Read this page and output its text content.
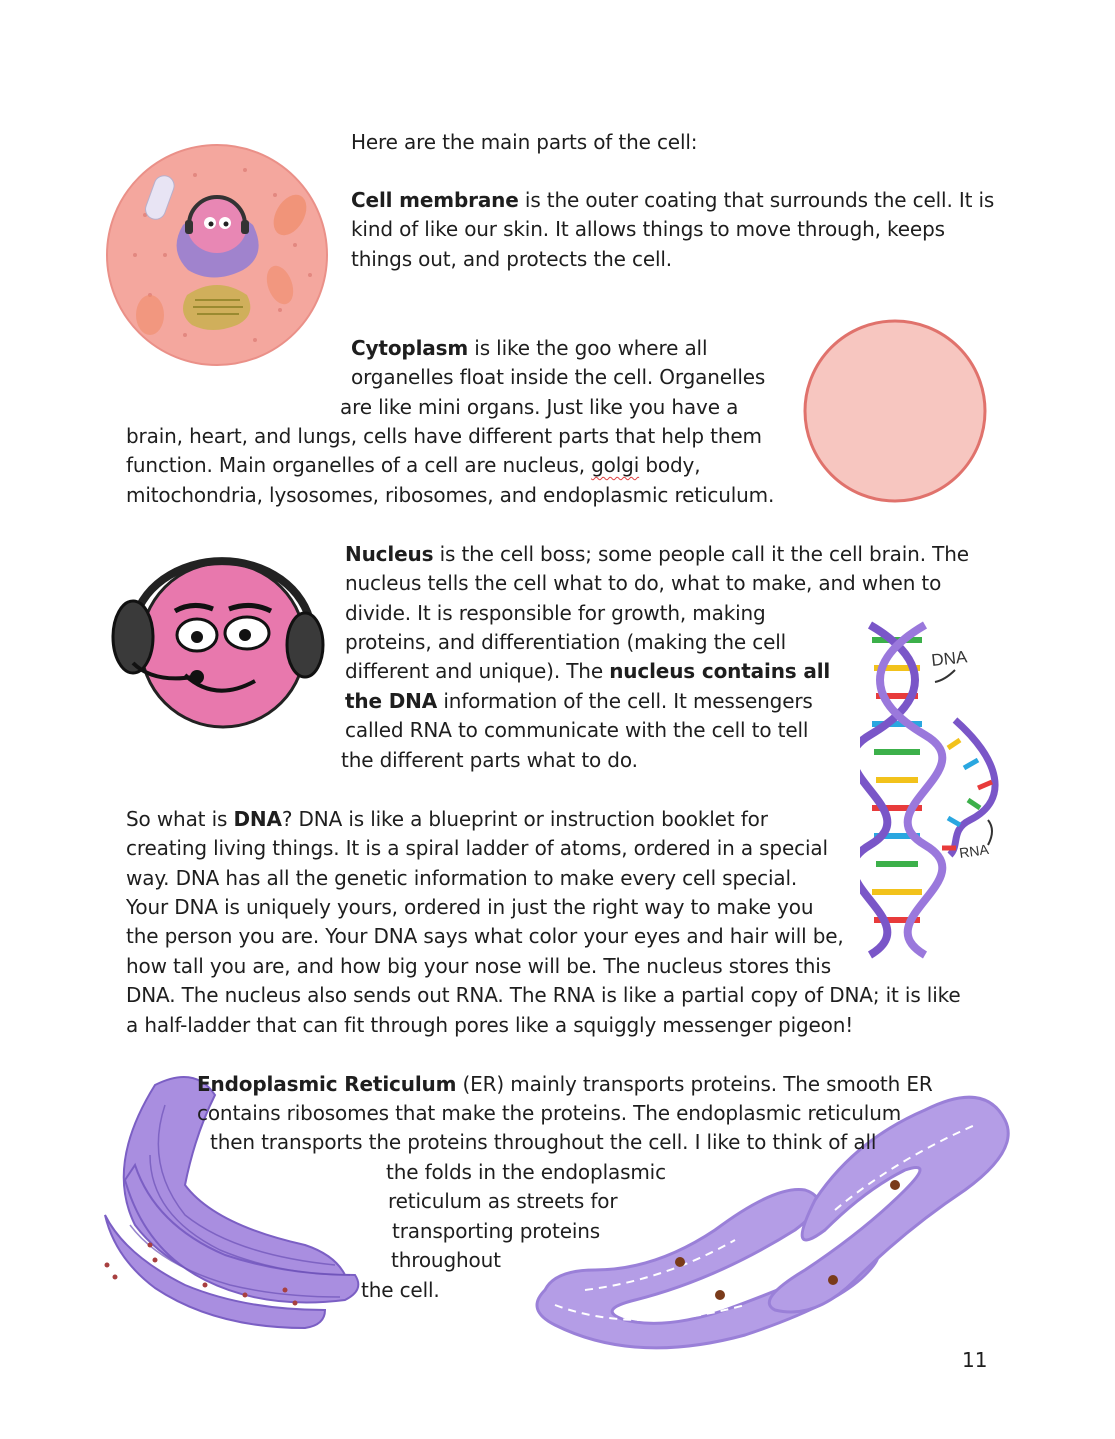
DNA
RNA
Here are the main parts of the cell:
Cell membrane is the outer coating that surrounds the cell. It is
kind of like our skin. It allows things to move through, keeps
things out, and protects the cell.
Cytoplasm is like the goo where all
organelles float inside the cell. Organelles
are like mini organs. Just like you have a
brain, heart, and lungs, cells have different parts that help them
function. Main organelles of a cell are nucleus, golgi body,
mitochondria, lysosomes, ribosomes, and endoplasmic reticulum.
Nucleus is the cell boss; some people call it the cell brain. The
nucleus tells the cell what to do, what to make, and when to
divide. It is responsible for growth, making
proteins, and differentiation (making the cell
different and unique). The nucleus contains all
the DNA information of the cell. It messengers
called RNA to communicate with the cell to tell
the different parts what to do.
So what is DNA? DNA is like a blueprint or instruction booklet for
creating living things. It is a spiral ladder of atoms, ordered in a special
way. DNA has all the genetic information to make every cell special.
Your DNA is uniquely yours, ordered in just the right way to make you
the person you are. Your DNA says what color your eyes and hair will be,
how tall you are, and how big your nose will be. The nucleus stores this
DNA. The nucleus also sends out RNA. The RNA is like a partial copy of DNA; it is like
a half-ladder that can fit through pores like a squiggly messenger pigeon!
Endoplasmic Reticulum (ER) mainly transports proteins. The smooth ER
contains ribosomes that make the proteins. The endoplasmic reticulum
then transports the proteins throughout the cell. I like to think of all
the folds in the endoplasmic
reticulum as streets for
transporting proteins
throughout
the cell.
11
